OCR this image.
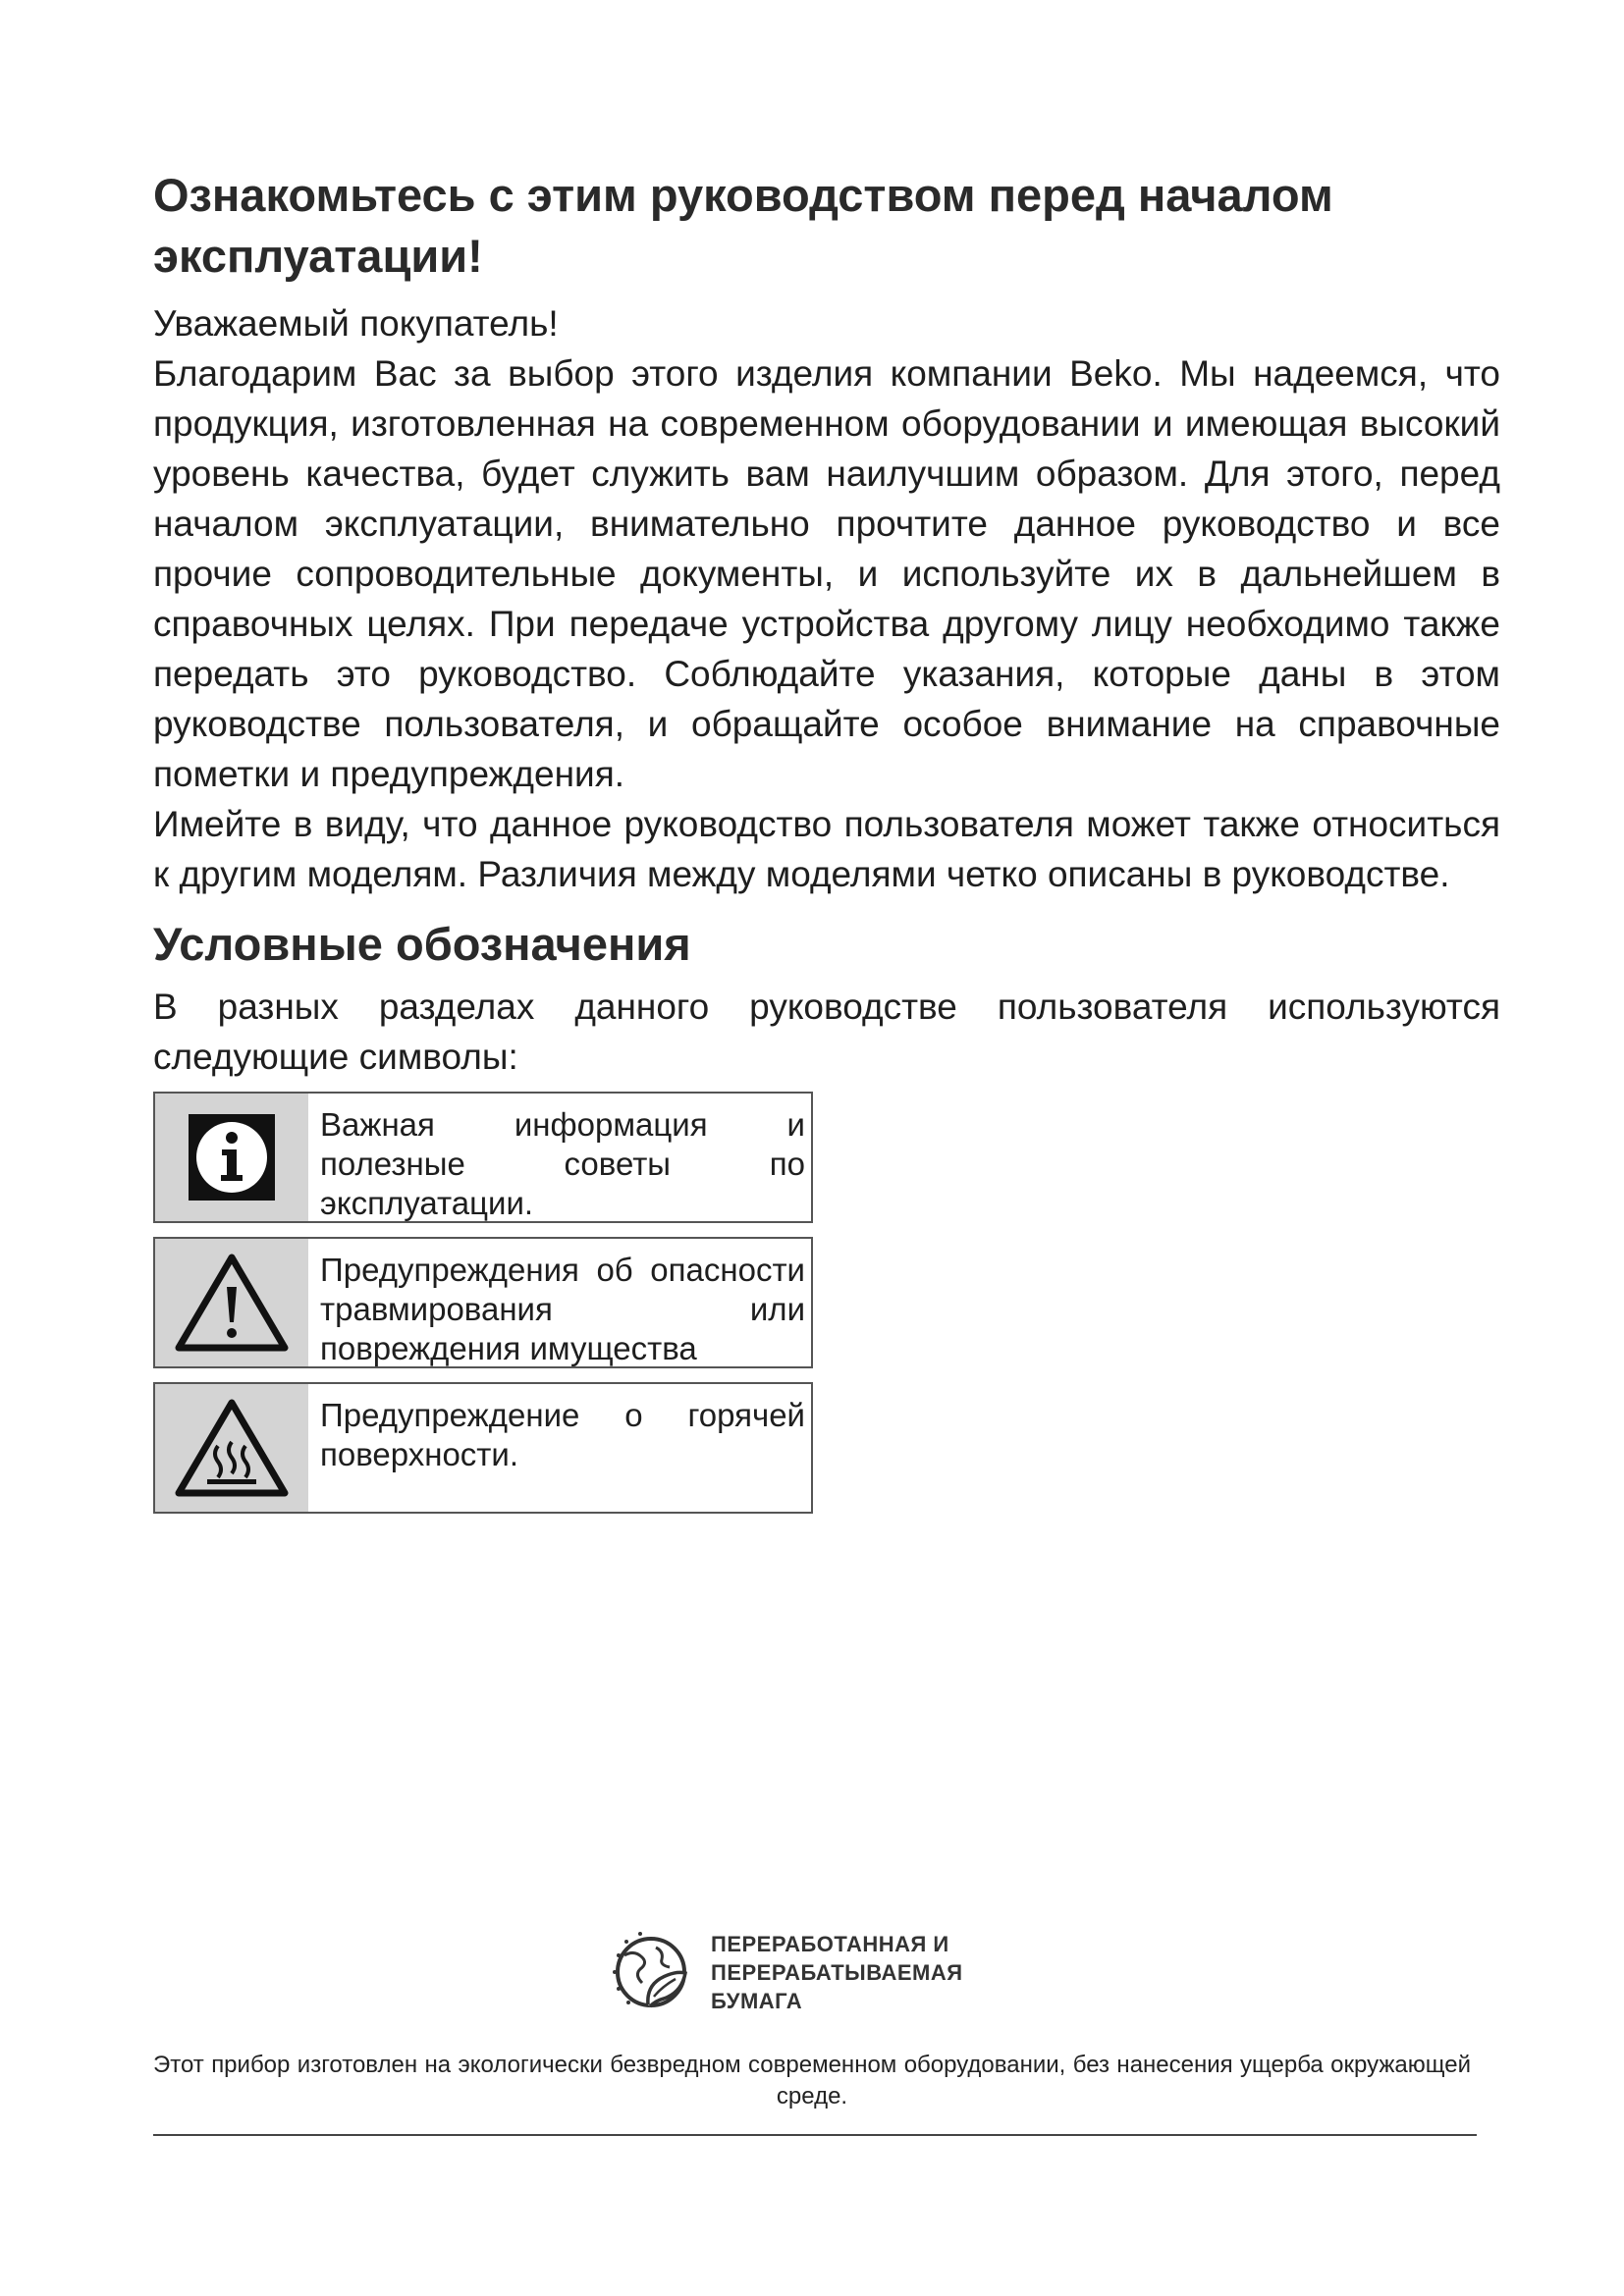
Ознакомьтесь с этим руководством перед началом
эксплуатации!

Уважаемый покупатель!

Благодарим Вас за выбор этого изделия компании Beko. Мы надеемся, что продукция, изготовленная на современном оборудовании и имеющая высокий уровень качества, будет служить вам наилучшим образом. Для этого, перед началом эксплуатации, внимательно прочтите данное руководство и все прочие сопроводительные документы, и используйте их в дальнейшем в справочных целях. При передаче устройства другому лицу необходимо также передать это руководство. Соблюдайте указания, которые даны в этом руководстве пользователя, и обращайте особое внимание на справочные пометки и предупреждения.

Имейте в виду, что данное руководство пользователя может также относиться к другим моделям. Различия между моделями четко описаны в руководстве.

Условные обозначения

В разных разделах данного руководстве пользователя используются следующие символы:

Важная информация и полезные советы по эксплуатации.
Предупреждения об опасности травмирования или повреждения имущества
Предупреждение о горячей поверхности.
ПЕРЕРАБОТАННАЯ И
ПЕРЕРАБАТЫВАЕМАЯ
БУМАГА
Этот прибор изготовлен на экологически безвредном современном оборудовании, без нанесения ущерба окружающей среде.
